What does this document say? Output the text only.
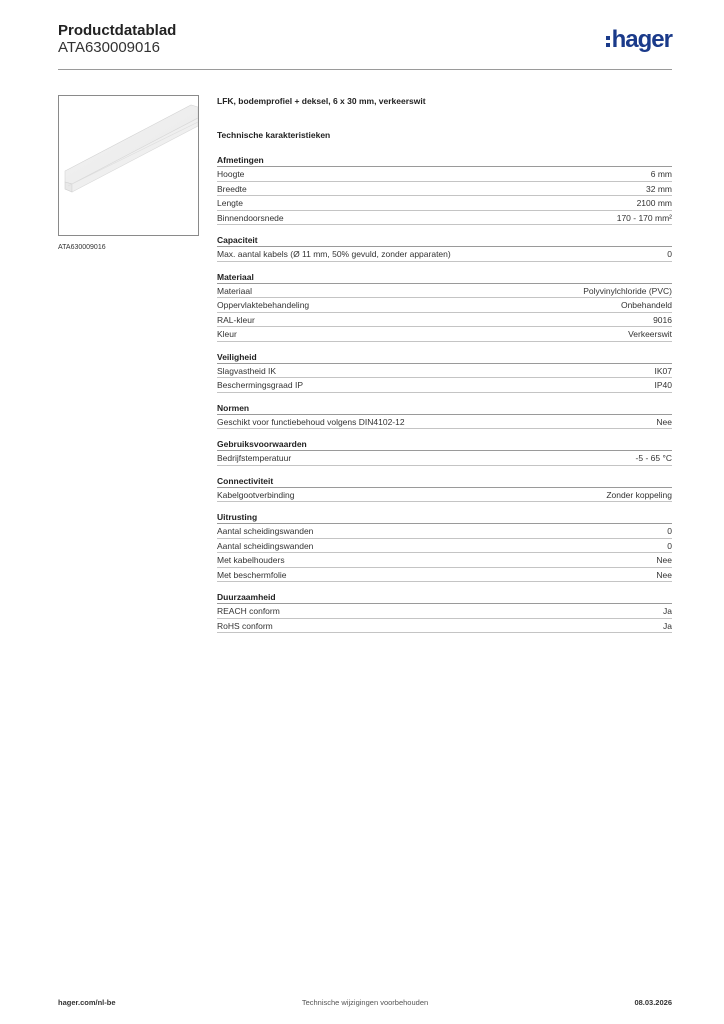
Productdatablad
ATA630009016	hager
ATA630009016
LFK, bodemprofiel + deksel, 6 x 30 mm, verkeerswit
Technische karakteristieken
Afmetingen
Hoogte	6 mm
Breedte	32 mm
Lengte	2100 mm
Binnendoorsnede	170 - 170 mm²
Capaciteit
Max. aantal kabels (Ø 11 mm, 50% gevuld, zonder apparaten)	0
Materiaal
Materiaal	Polyvinylchloride (PVC)
Oppervlaktebehandeling	Onbehandeld
RAL-kleur	9016
Kleur	Verkeerswit
Veiligheid
Slagvastheid IK	IK07
Beschermingsgraad IP	IP40
Normen
Geschikt voor functiebehoud volgens DIN4102-12	Nee
Gebruiksvoorwaarden
Bedrijfstemperatuur	-5 - 65 °C
Connectiviteit
Kabelgootverbinding	Zonder koppeling
Uitrusting
Aantal scheidingswanden	0
Aantal scheidingswanden	0
Met kabelhouders	Nee
Met beschermfolie	Nee
Duurzaamheid
REACH conform	Ja
RoHS conform	Ja
hager.com/nl-be	Technische wijzigingen voorbehouden	08.03.2026
